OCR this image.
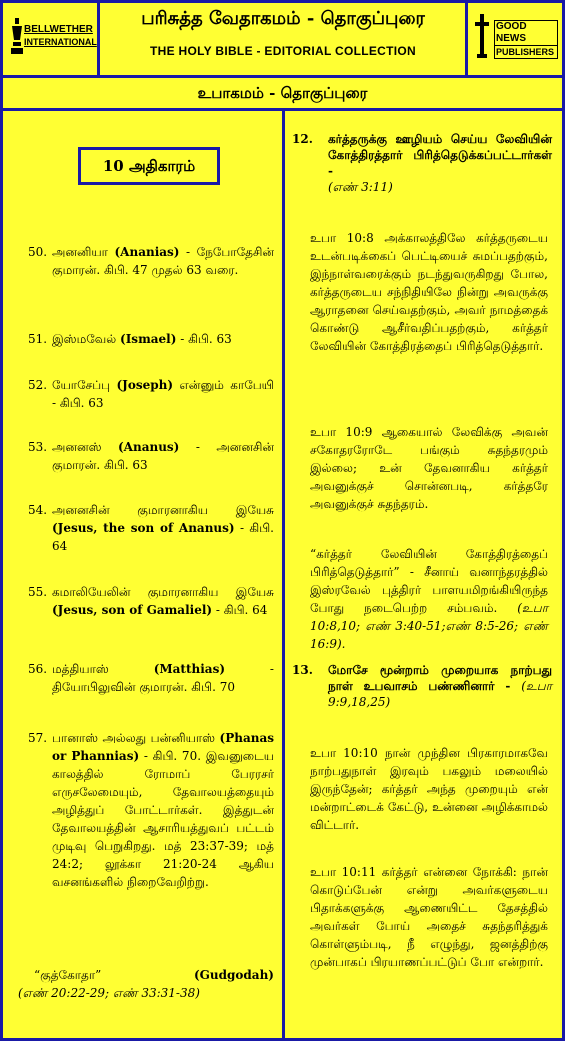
BELLWETHER
INTERNATIONAL
GOOD NEWS
PUBLISHERS
பரிசுத்த வேதாகமம் - தொகுப்புரை
THE HOLY BIBLE - EDITORIAL COLLECTION
உபாகமம் - தொகுப்புரை
10 அதிகாரம்
50. அனனியா (Ananias) - நேபோதேசின் குமாரன். கிபி. 47 முதல் 63 வரை.
51. இஸ்மவேல் (Ismael) - கிபி. 63
52. யோசேப்பு (Joseph) என்னும் காபேயி - கிபி. 63
53. அனனஸ் (Ananus) - அனனசின் குமாரன். கிபி. 63
54. அனனசின் குமாரனாகிய இயேசு (Jesus, the son of Ananus) - கிபி. 64
55. கமாலியேலின் குமாரனாகிய இயேசு (Jesus, son of Gamaliel) - கிபி. 64
56. மத்தியாஸ்	(Matthias) - தியோபிலுவின் குமாரன். கிபி. 70
57. பானாஸ் அல்லது பன்னியாஸ் (Phanas or Phannias) - கிபி. 70. இவனுடைய காலத்தில் ரோமாப் பேரரசர் எருசலேமையும், தேவாலயத்தையும் அழித்துப் போட்டார்கள். இத்துடன் தேவாலயத்தின் ஆசாரியத்துவப் பட்டம் முடிவு பெறுகிறது. மத் 23:37-39; மத் 24:2; லூக்கா 21:20-24 ஆகிய வசனங்களில் நிறைவேறிற்று.
“குத்கோதா”	(Gudgodah)
(எண் 20:22-29; எண் 33:31-38)
12. கர்த்தருக்கு ஊழியம் செய்ய லேவியின் கோத்திரத்தார் பிரித்தெடுக்கப்பட்டார்கள் -
(எண் 3:11)
உபா 10:8 அக்காலத்திலே கர்த்தருடைய உடன்படிக்கைப் பெட்டியைச் சுமப்பதற்கும், இந்நாள்வரைக்கும் நடந்துவருகிறது போல, கர்த்தருடைய சந்நிதியிலே நின்று அவருக்கு ஆராதனை செய்வதற்கும், அவர் நாமத்தைக் கொண்டு ஆசீர்வதிப்பதற்கும், கர்த்தர் லேவியின் கோத்திரத்தைப் பிரித்தெடுத்தார்.
உபா 10:9 ஆகையால் லேவிக்கு அவன் சகோதரரோடே பங்கும் சுதந்தரமும் இல்லை; உன் தேவனாகிய கர்த்தர் அவனுக்குச் சொன்னபடி, கர்த்தரே அவனுக்குச் சுதந்தரம்.
“கர்த்தர் லேவியின் கோத்திரத்தைப் பிரித்தெடுத்தார்” - சீனாய் வனாந்தரத்தில் இஸ்ரவேல் புத்திரர் பாளயமிறங்கியிருந்த போது நடைபெற்ற சம்பவம். (உபா 10:8,10; எண் 3:40-51;எண் 8:5-26; எண் 16:9).
13. மோசே மூன்றாம் முறையாக நாற்பது நாள் உபவாசம் பண்ணினார் - (உபா 9:9,18,25)
உபா 10:10 நான் முந்தின பிரகாரமாகவே நாற்பதுநாள் இரவும் பகலும் மலையில் இருந்தேன்; கர்த்தர் அந்த முறையும் என் மன்றாட்டைக் கேட்டு, உன்னை அழிக்காமல் விட்டார்.
உபா 10:11 கர்த்தர் என்னை நோக்கி: நான் கொடுப்பேன் என்று அவர்களுடைய பிதாக்களுக்கு ஆணையிட்ட தேசத்தில் அவர்கள் போய் அதைச் சுதந்தரித்துக் கொள்ளும்படி, நீ எழுந்து, ஜனத்திற்கு முன்பாகப் பிரயாணப்பட்டுப் போ என்றார்.
